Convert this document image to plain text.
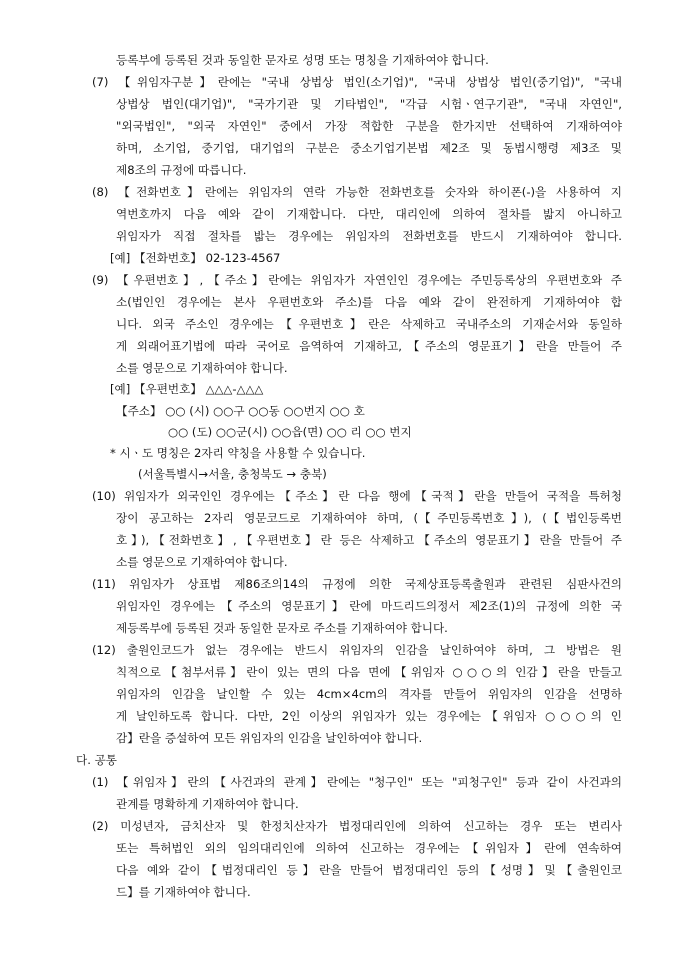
등록부에 등록된 것과 동일한 문자로 성명 또는 명칭을 기재하여야 합니다.
(7) 【위임자구분】란에는 "국내 상법상 법인(소기업)", "국내 상법상 법인(중기업)", "국내
상법상 법인(대기업)", "국가기관 및 기타법인", "각급 시험ㆍ연구기관", "국내 자연인",
"외국법인", "외국 자연인" 중에서 가장 적합한 구분을 한가지만 선택하여 기재하여야
하며, 소기업, 중기업, 대기업의 구분은 중소기업기본법 제2조 및 동법시행령 제3조 및
제8조의 규정에 따릅니다.
(8) 【전화번호】란에는 위임자의 연락 가능한 전화번호를 숫자와 하이폰(-)을 사용하여 지
역번호까지 다음 예와 같이 기재합니다. 다만, 대리인에 의하여 절차를 밟지 아니하고
위임자가 직접 절차를 밟는 경우에는 위임자의 전화번호를 반드시 기재하여야 합니다.
[예] 【전화번호】 02-123-4567
(9) 【우편번호】,【주소】란에는 위임자가 자연인인 경우에는 주민등록상의 우편번호와 주
소(법인인 경우에는 본사 우편번호와 주소)를 다음 예와 같이 완전하게 기재하여야 합
니다. 외국 주소인 경우에는【우편번호】란은 삭제하고 국내주소의 기재순서와 동일하
게 외래어표기법에 따라 국어로 음역하여 기재하고,【주소의 영문표기】란을 만들어 주
소를 영문으로 기재하여야 합니다.
[예] 【우편번호】 △△△-△△△
【주소】 ○○ (시) ○○구 ○○동 ○○번지 ○○ 호
○○ (도) ○○군(시) ○○읍(면) ○○ 리 ○○ 번지
* 시ㆍ도 명칭은 2자리 약칭을 사용할 수 있습니다.
(서울특별시→서울, 충청북도 → 충북)
(10) 위임자가 외국인인 경우에는【주소】란 다음 행에【국적】란을 만들어 국적을 특허청
장이 공고하는 2자리 영문코드로 기재하여야 하며, (【주민등록번호】), (【법인등록번
호】),【전화번호】,【우편번호】란 등은 삭제하고【주소의 영문표기】란을 만들어 주
소를 영문으로 기재하여야 합니다.
(11) 위임자가 상표법 제86조의14의 규정에 의한 국제상표등록출원과 관련된 심판사건의
위임자인 경우에는【주소의 영문표기】란에 마드리드의정서 제2조(1)의 규정에 의한 국
제등록부에 등록된 것과 동일한 문자로 주소를 기재하여야 합니다.
(12) 출원인코드가 없는 경우에는 반드시 위임자의 인감을 날인하여야 하며, 그 방법은 원
칙적으로【첨부서류】란이 있는 면의 다음 면에【위임자 ○○○의 인감】란을 만들고
위임자의 인감을 날인할 수 있는 4cm×4cm의 격자를 만들어 위임자의 인감을 선명하
게 날인하도록 합니다. 다만, 2인 이상의 위임자가 있는 경우에는【위임자 ○○○의 인
감】란을 증설하여 모든 위임자의 인감을 날인하여야 합니다.
다. 공통
(1) 【위임자】란의【사건과의 관계】란에는 "청구인" 또는 "피청구인" 등과 같이 사건과의
관계를 명확하게 기재하여야 합니다.
(2) 미성년자, 금치산자 및 한정치산자가 법정대리인에 의하여 신고하는 경우 또는 변리사
또는 특허법인 외의 임의대리인에 의하여 신고하는 경우에는【위임자】란에 연속하여
다음 예와 같이【법정대리인 등】란을 만들어 법정대리인 등의【성명】및【출원인코
드】를 기재하여야 합니다.
